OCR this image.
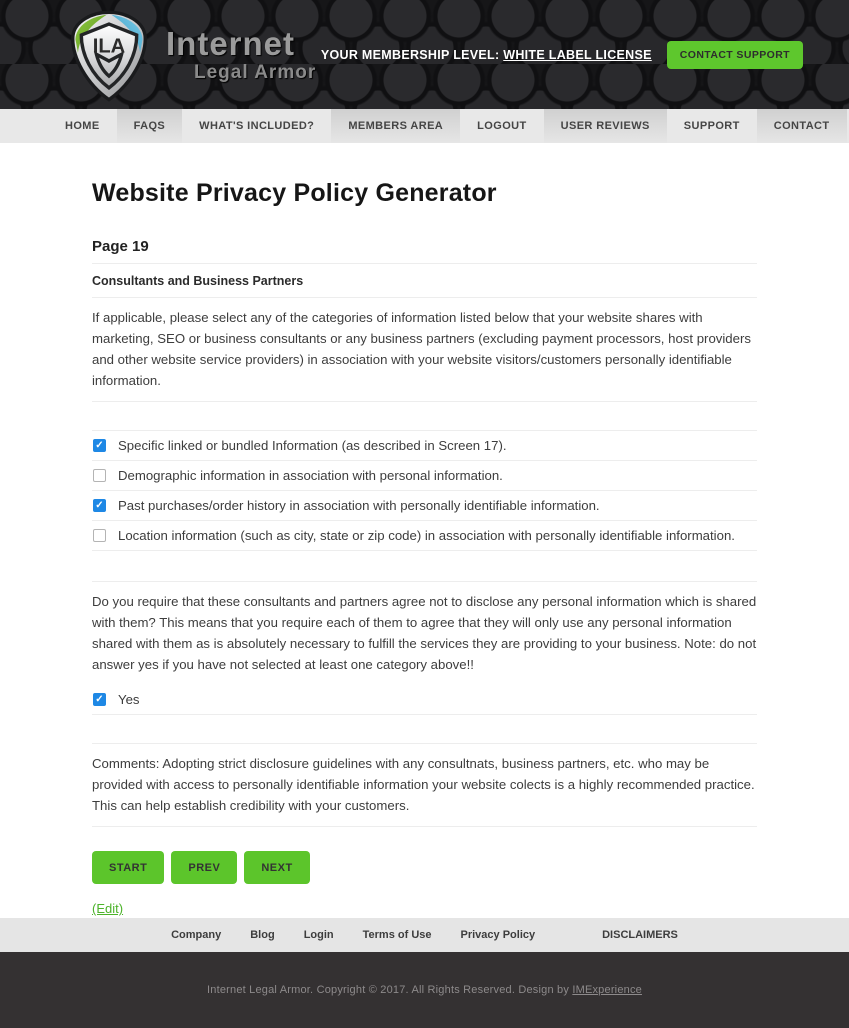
ILA Internet
Legal Armor
YOUR MEMBERSHIP LEVEL: WHITE LABEL LICENSE	CONTACT SUPPORT
HOME	FAQS	WHAT'S INCLUDED?	MEMBERS AREA	LOGOUT	USER REVIEWS	SUPPORT	CONTACT
Website Privacy Policy Generator
Page 19
Consultants and Business Partners

If applicable, please select any of the categories of information listed below that your website shares with marketing, SEO or business consultants or any business partners (excluding payment processors, host providers and other website service providers) in association with your website visitors/customers personally identifiable information.

✓
Specific linked or bundled Information (as described in Screen 17).
Demographic information in association with personal information.
✓
Past purchases/order history in association with personally identifiable information.
Location information (such as city, state or zip code) in association with personally identifiable information.

Do you require that these consultants and partners agree not to disclose any personal information which is shared with them? This means that you require each of them to agree that they will only use any personal information shared with them as is absolutely necessary to fulfill the services they are providing to your business. Note: do not answer yes if you have not selected at least one category above!!

✓
Yes

Comments: Adopting strict disclosure guidelines with any consultnats, business partners, etc. who may be provided with access to personally identifiable information your website colects is a highly recommended practice. This can help establish credibility with your customers.

START	PREV	NEXT
(Edit)
Company	Blog	Login	Terms of Use	Privacy Policy	DISCLAIMERS
Internet Legal Armor. Copyright © 2017. All Rights Reserved. Design by IMExperience
